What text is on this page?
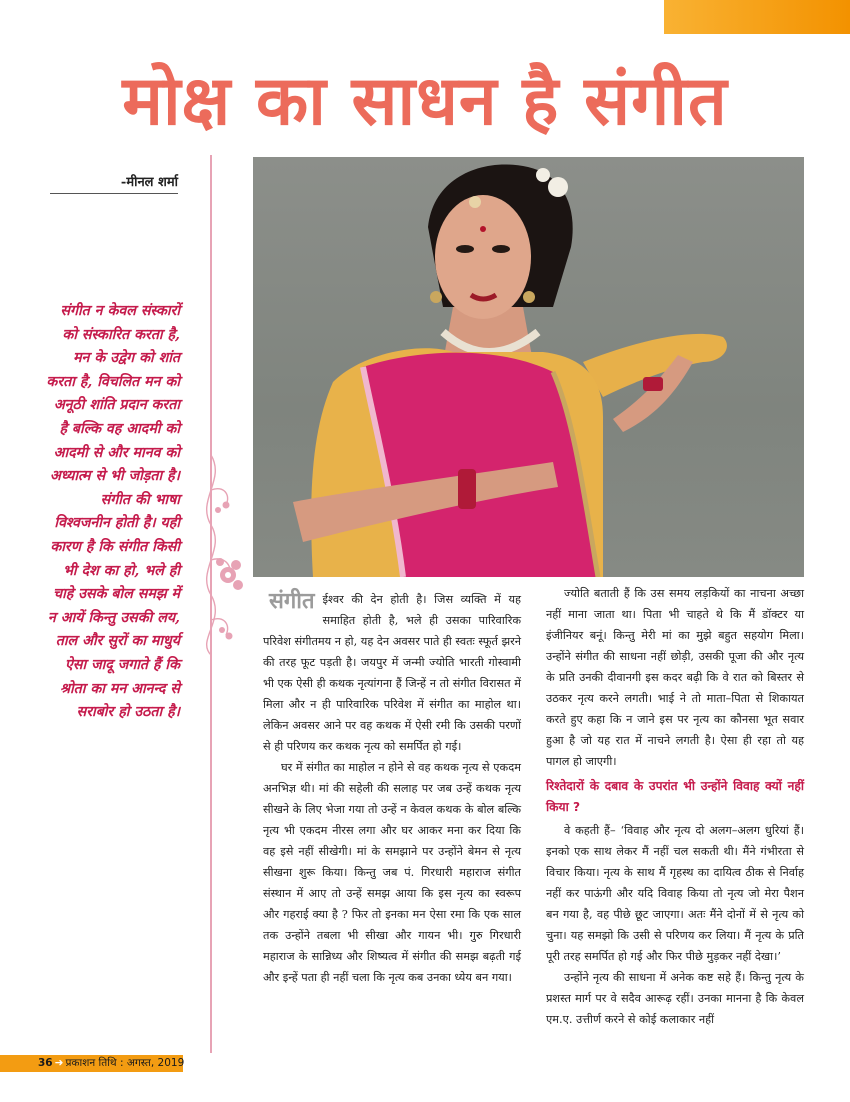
मोक्ष का साधन है संगीत
-मीनल शर्मा
संगीत न केवल संस्कारों को संस्कारित करता है, मन के उद्वेग को शांत करता है, विचलित मन को अनूठी शांति प्रदान करता है बल्कि वह आदमी को आदमी से और मानव को अध्यात्म से भी जोड़ता है। संगीत की भाषा विश्वजनीन होती है। यही कारण है कि संगीत किसी भी देश का हो, भले ही चाहे उसके बोल समझ में न आयें किन्तु उसकी लय, ताल और सुरों का माधुर्य ऐसा जादू जगाते हैं कि श्रोता का मन आनन्द से सराबोर हो उठता है।

संगीत ईश्वर की देन होती है। जिस व्यक्ति में यह समाहित होती है, भले ही उसका पारिवारिक परिवेश संगीतमय न हो, यह देन अवसर पाते ही स्वतः स्फूर्त झरने की तरह फूट पड़ती है। जयपुर में जन्मी ज्योति भारती गोस्वामी भी एक ऐसी ही कथक नृत्यांगना हैं जिन्हें न तो संगीत विरासत में मिला और न ही पारिवारिक परिवेश में संगीत का माहोल था। लेकिन अवसर आने पर वह कथक में ऐसी रमी कि उसकी परणों से ही परिणय कर कथक नृत्य को समर्पित हो गई।

घर में संगीत का माहोल न होने से वह कथक नृत्य से एकदम अनभिज्ञ थी। मां की सहेली की सलाह पर जब उन्हें कथक नृत्य सीखने के लिए भेजा गया तो उन्हें न केवल कथक के बोल बल्कि नृत्य भी एकदम नीरस लगा और घर आकर मना कर दिया कि वह इसे नहीं सीखेगी। मां के समझाने पर उन्होंने बेमन से नृत्य सीखना शुरू किया। किन्तु जब पं. गिरधारी महाराज संगीत संस्थान में आए तो उन्हें समझ आया कि इस नृत्य का स्वरूप और गहराई क्या है ? फिर तो इनका मन ऐसा रमा कि एक साल तक उन्होंने तबला भी सीखा और गायन भी। गुरु गिरधारी महाराज के सान्निध्य और शिष्यत्व में संगीत की समझ बढ़ती गई और इन्हें पता ही नहीं चला कि नृत्य कब उनका ध्येय बन गया।

ज्योति बताती हैं कि उस समय लड़कियों का नाचना अच्छा नहीं माना जाता था। पिता भी चाहते थे कि मैं डॉक्टर या इंजीनियर बनूं। किन्तु मेरी मां का मुझे बहुत सहयोग मिला। उन्होंने संगीत की साधना नहीं छोड़ी, उसकी पूजा की और नृत्य के प्रति उनकी दीवानगी इस कदर बढ़ी कि वे रात को बिस्तर से उठकर नृत्य करने लगती। भाई ने तो माता–पिता से शिकायत करते हुए कहा कि न जाने इस पर नृत्य का कौनसा भूत सवार हुआ है जो यह रात में नाचने लगती है। ऐसा ही रहा तो यह पागल हो जाएगी।

रिश्तेदारों के दबाव के उपरांत भी उन्होंने विवाह क्यों नहीं किया ?

वे कहती हैं– ‘विवाह और नृत्य दो अलग–अलग धुरियां हैं। इनको एक साथ लेकर मैं नहीं चल सकती थी। मैंने गंभीरता से विचार किया। नृत्य के साथ मैं गृहस्थ का दायित्व ठीक से निर्वाह नहीं कर पाऊंगी और यदि विवाह किया तो नृत्य जो मेरा पैशन बन गया है, वह पीछे छूट जाएगा। अतः मैंने दोनों में से नृत्य को चुना। यह समझो कि उसी से परिणय कर लिया। मैं नृत्य के प्रति पूरी तरह समर्पित हो गई और फिर पीछे मुड़कर नहीं देखा।’

उन्होंने नृत्य की साधना में अनेक कष्ट सहे हैं। किन्तु नृत्य के प्रशस्त मार्ग पर वे सदैव आरूढ़ रहीं। उनका मानना है कि केवल एम.ए. उत्तीर्ण करने से कोई कलाकार नहीं

36 ➜ प्रकाशन तिथि : अगस्त, 2019
